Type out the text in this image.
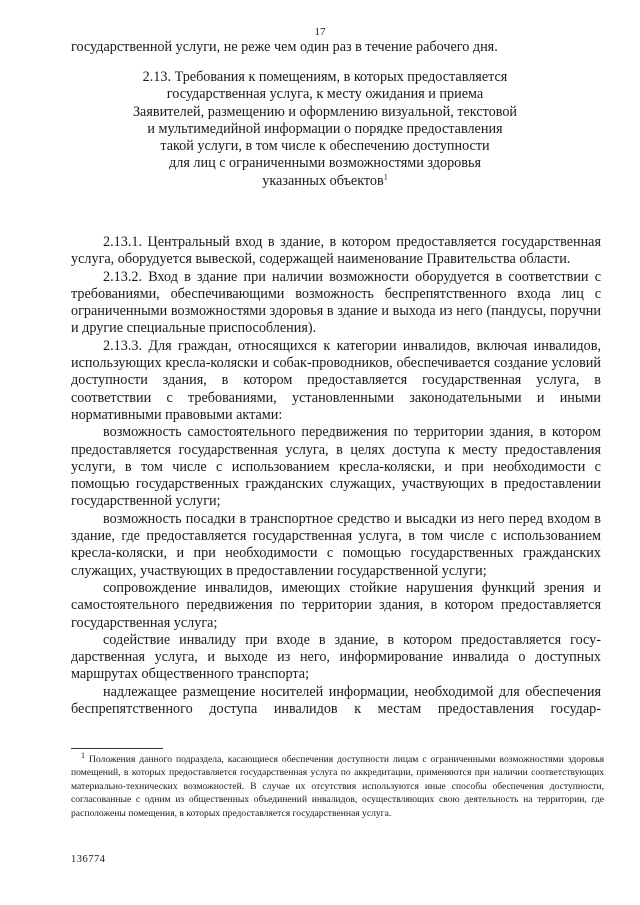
17
государственной услуги, не реже чем один раз в течение рабочего дня.
2.13. Требования к помещениям, в которых предоставляется
государственная услуга, к месту ожидания и приема
Заявителей, размещению и оформлению визуальной, текстовой
и мультимедийной информации о порядке предоставления
такой услуги, в том числе к обеспечению доступности
для лиц с ограниченными возможностями здоровья
указанных объектов$^1$

2.13.1. Центральный вход в здание, в котором предоставляется государственная услуга, оборудуется вывеской, содержащей наименование Правительства области.

2.13.2. Вход в здание при наличии возможности оборудуется в соответствии с требованиями, обеспечивающими возможность беспрепятственного входа лиц с ограниченными возможностями здоровья в здание и выхода из него (пандусы, поручни и другие специальные приспособления).

2.13.3. Для граждан, относящихся к категории инвалидов, включая инвалидов, использующих кресла-коляски и собак-проводников, обеспечивается создание условий доступности здания, в котором предоставляется государственная услуга, в соответствии с требованиями, установленными законодательными и иными нормативными правовыми актами:

возможность самостоятельного передвижения по территории здания, в котором предоставляется государственная услуга, в целях доступа к месту предоставления услуги, в том числе с использованием кресла-коляски, и при необходимости с помощью государственных гражданских служащих, участвующих в предоставлении государственной услуги;

возможность посадки в транспортное средство и высадки из него перед входом в здание, где предоставляется государственная услуга, в том числе с использованием кресла-коляски, и при необходимости с помощью государственных гражданских служащих, участвующих в предоставлении государственной услуги;

сопровождение инвалидов, имеющих стойкие нарушения функций зрения и самостоятельного передвижения по территории здания, в котором предоставляется государственная услуга;

содействие инвалиду при входе в здание, в котором предоставляется государственная услуга, и выходе из него, информирование инвалида о доступных маршрутах общественного транспорта;

надлежащее размещение носителей информации, необходимой для обеспечения беспрепятственного доступа инвалидов к местам предоставления государ-

$^1$ Положения данного подраздела, касающиеся обеспечения доступности лицам с ограниченными возможностями здоровья помещений, в которых предоставляется государственная услуга по аккредитации, применяются при наличии соответствующих материально-технических возможностей. В случае их отсутствия используются иные способы обеспечения доступности, согласованные с одним из общественных объединений инвалидов, осуществляющих свою деятельность на территории, где расположены помещения, в которых предоставляется государственная услуга.
136774
